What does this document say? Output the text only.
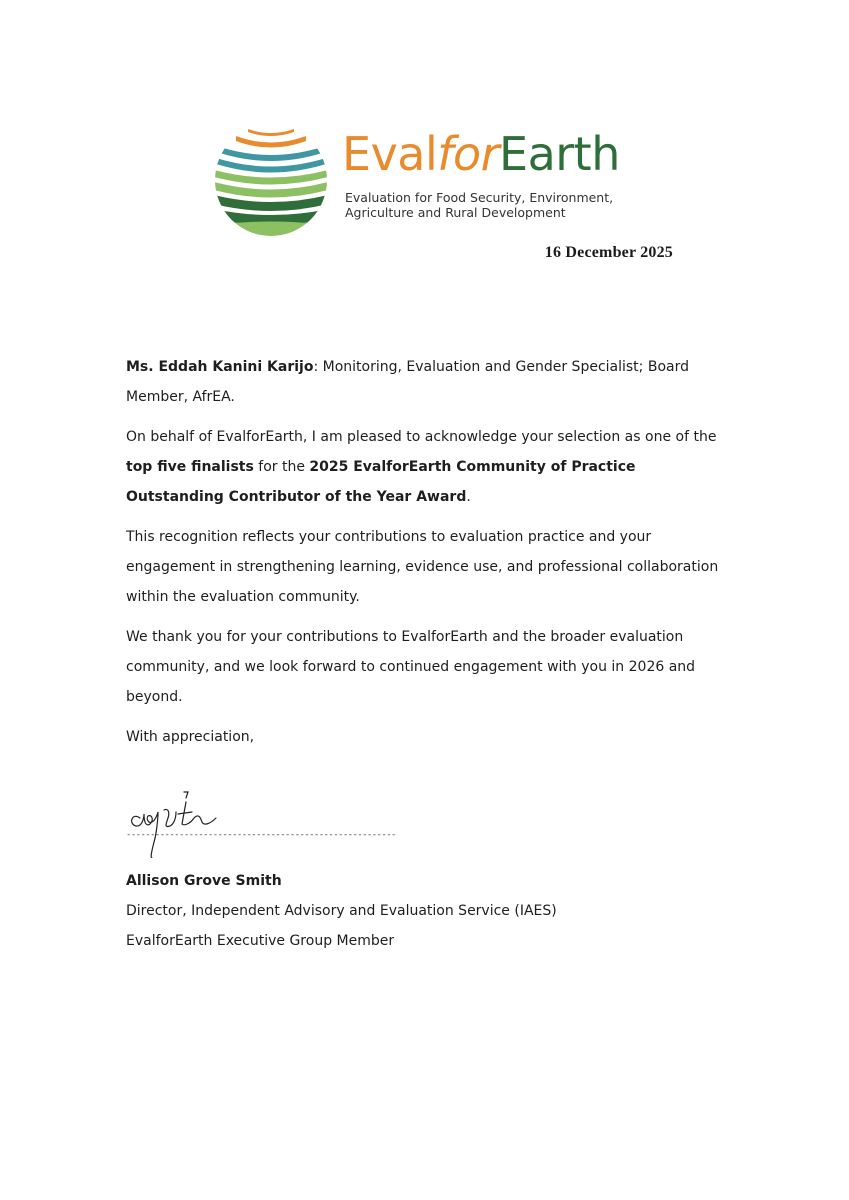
EvalforEarth
Evaluation for Food Security, Environment,
Agriculture and Rural Development
16 December 2025

Ms. Eddah Kanini Karijo: Monitoring, Evaluation and Gender Specialist; Board Member, AfrEA.

On behalf of EvalforEarth, I am pleased to acknowledge your selection as one of the top five finalists for the 2025 EvalforEarth Community of Practice Outstanding Contributor of the Year Award.

This recognition reflects your contributions to evaluation practice and your engagement in strengthening learning, evidence use, and professional collaboration within the evaluation community.

We thank you for your contributions to EvalforEarth and the broader evaluation community, and we look forward to continued engagement with you in 2026 and beyond.

With appreciation,

--------------------------------------------------------
Allison Grove Smith
Director, Independent Advisory and Evaluation Service (IAES)
EvalforEarth Executive Group Member
